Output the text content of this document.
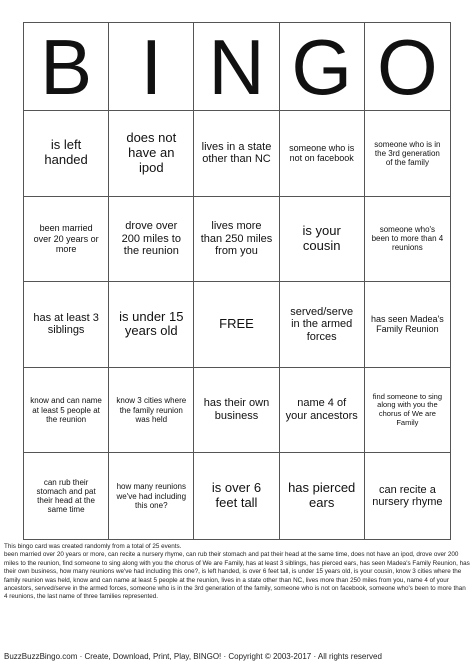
B I N G O
is left handed
does not have an ipod
lives in a state other than NC
someone who is not on facebook
someone who is in the 3rd generation of the family
been married over 20 years or more
drove over 200 miles to the reunion
lives more than 250 miles from you
is your cousin
someone who's been to more than 4 reunions
has at least 3 siblings
is under 15 years old	FREE
served/serve in the armed forces
has seen Madea's Family Reunion
know and can name at least 5 people at the reunion
know 3 cities where the family reunion was held
has their own business
name 4 of your ancestors
find someone to sing along with you the chorus of We are Family
can rub their stomach and pat their head at the same time
how many reunions we've had including this one?
is over 6 feet tall
has pierced ears
can recite a nursery rhyme
This bingo card was created randomly from a total of 25 events.
been married over 20 years or more, can recite a nursery rhyme, can rub their stomach and pat their head at the same time, does not have an ipod, drove over 200 miles to the reunion, find someone to sing along with you the chorus of We are Family, has at least 3 siblings, has pierced ears, has seen Madea's Family Reunion, has their own business, how many reunions we've had including this one?, is left handed, is over 6 feet tall, is under 15 years old, is your cousin, know 3 cities where the family reunion was held, know and can name at least 5 people at the reunion, lives in a state other than NC, lives more than 250 miles from you, name 4 of your ancestors, served/serve in the armed forces, someone who is in the 3rd generation of the family, someone who is not on facebook, someone who's been to more than 4 reunions, the last name of three families represented.
BuzzBuzzBingo.com · Create, Download, Print, Play, BINGO! · Copyright © 2003-2017 · All rights reserved
